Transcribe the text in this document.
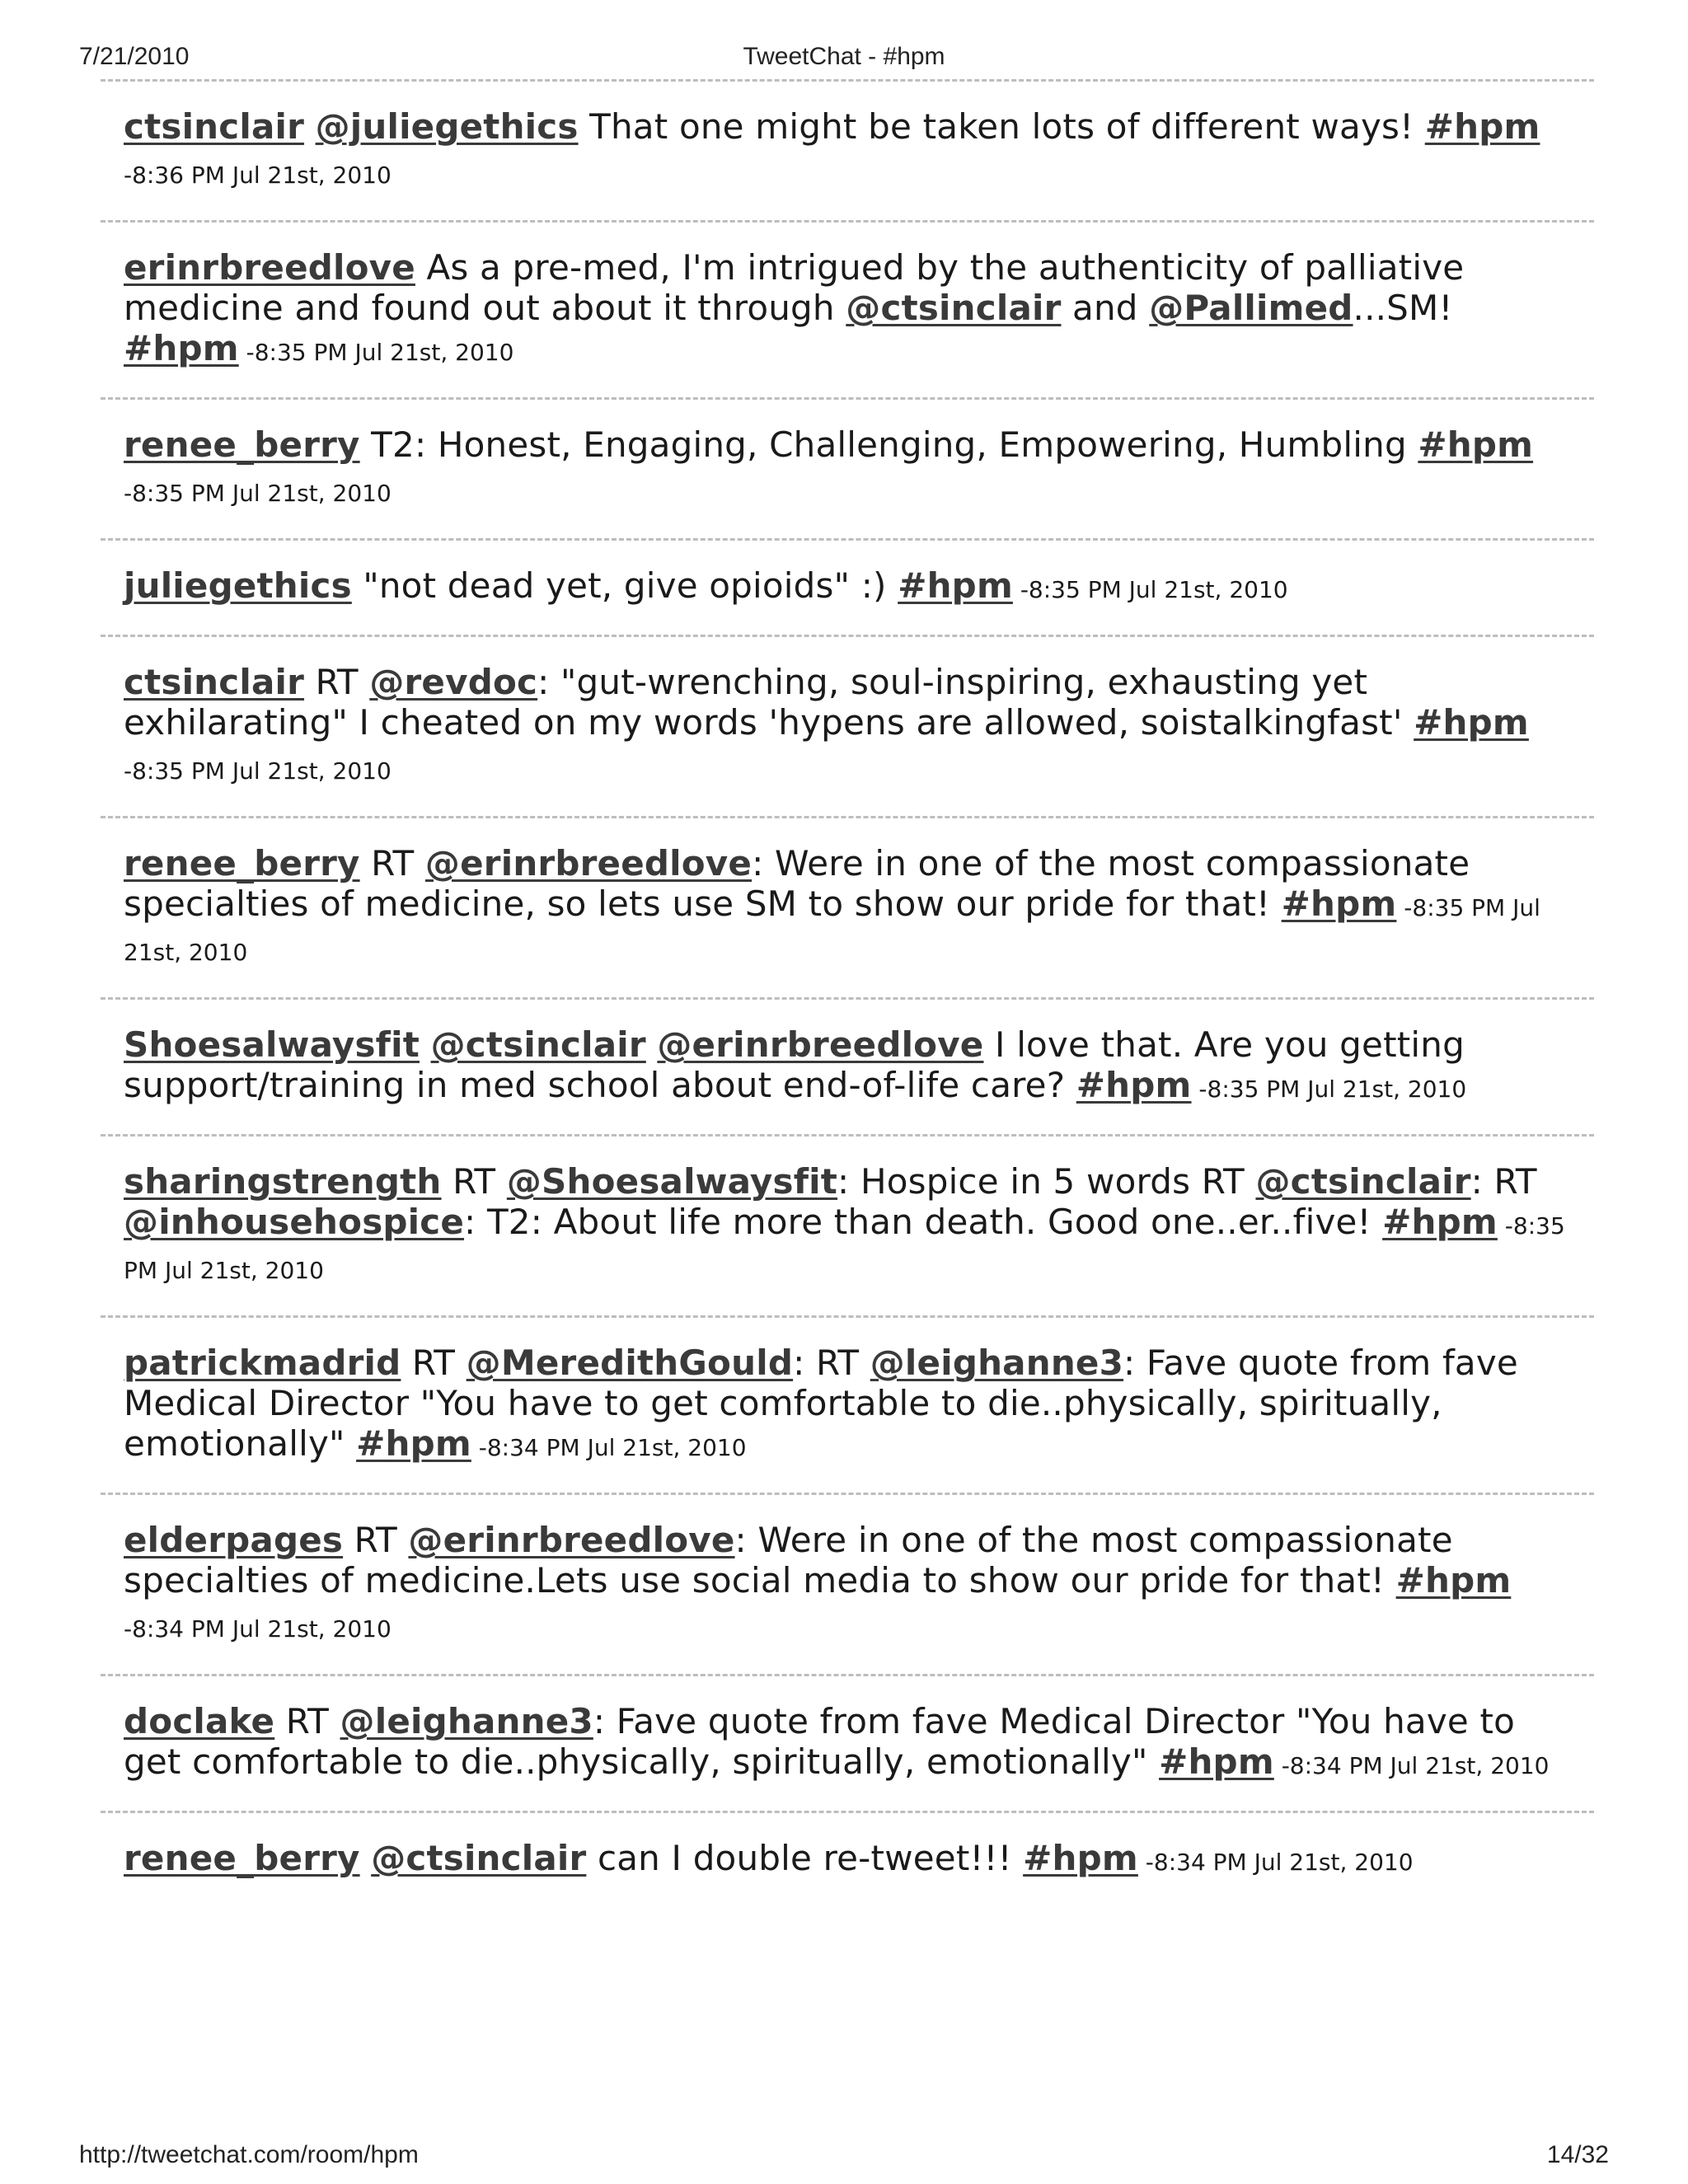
7/21/2010	TweetChat - #hpm
ctsinclair @juliegethics That one might be taken lots of different ways! #hpm -8:36 PM Jul 21st, 2010
erinrbreedlove As a pre-med, I'm intrigued by the authenticity of palliative medicine and found out about it through @ctsinclair and @Pallimed...SM! #hpm -8:35 PM Jul 21st, 2010
renee_berry T2: Honest, Engaging, Challenging, Empowering, Humbling #hpm -8:35 PM Jul 21st, 2010
juliegethics "not dead yet, give opioids" :) #hpm -8:35 PM Jul 21st, 2010
ctsinclair RT @revdoc: "gut-wrenching, soul-inspiring, exhausting yet exhilarating" I cheated on my words 'hypens are allowed, soistalkingfast' #hpm -8:35 PM Jul 21st, 2010
renee_berry RT @erinrbreedlove: Were in one of the most compassionate specialties of medicine, so lets use SM to show our pride for that! #hpm -8:35 PM Jul 21st, 2010
Shoesalwaysfit @ctsinclair @erinrbreedlove I love that. Are you getting support/training in med school about end-of-life care? #hpm -8:35 PM Jul 21st, 2010
sharingstrength RT @Shoesalwaysfit: Hospice in 5 words RT @ctsinclair: RT @inhousehospice: T2: About life more than death. Good one..er..five! #hpm -8:35 PM Jul 21st, 2010
patrickmadrid RT @MeredithGould: RT @leighanne3: Fave quote from fave Medical Director "You have to get comfortable to die..physically, spiritually, emotionally" #hpm -8:34 PM Jul 21st, 2010
elderpages RT @erinrbreedlove: Were in one of the most compassionate specialties of medicine.Lets use social media to show our pride for that! #hpm -8:34 PM Jul 21st, 2010
doclake RT @leighanne3: Fave quote from fave Medical Director "You have to get comfortable to die..physically, spiritually, emotionally" #hpm -8:34 PM Jul 21st, 2010
renee_berry @ctsinclair can I double re-tweet!!! #hpm -8:34 PM Jul 21st, 2010
http://tweetchat.com/room/hpm	14/32
